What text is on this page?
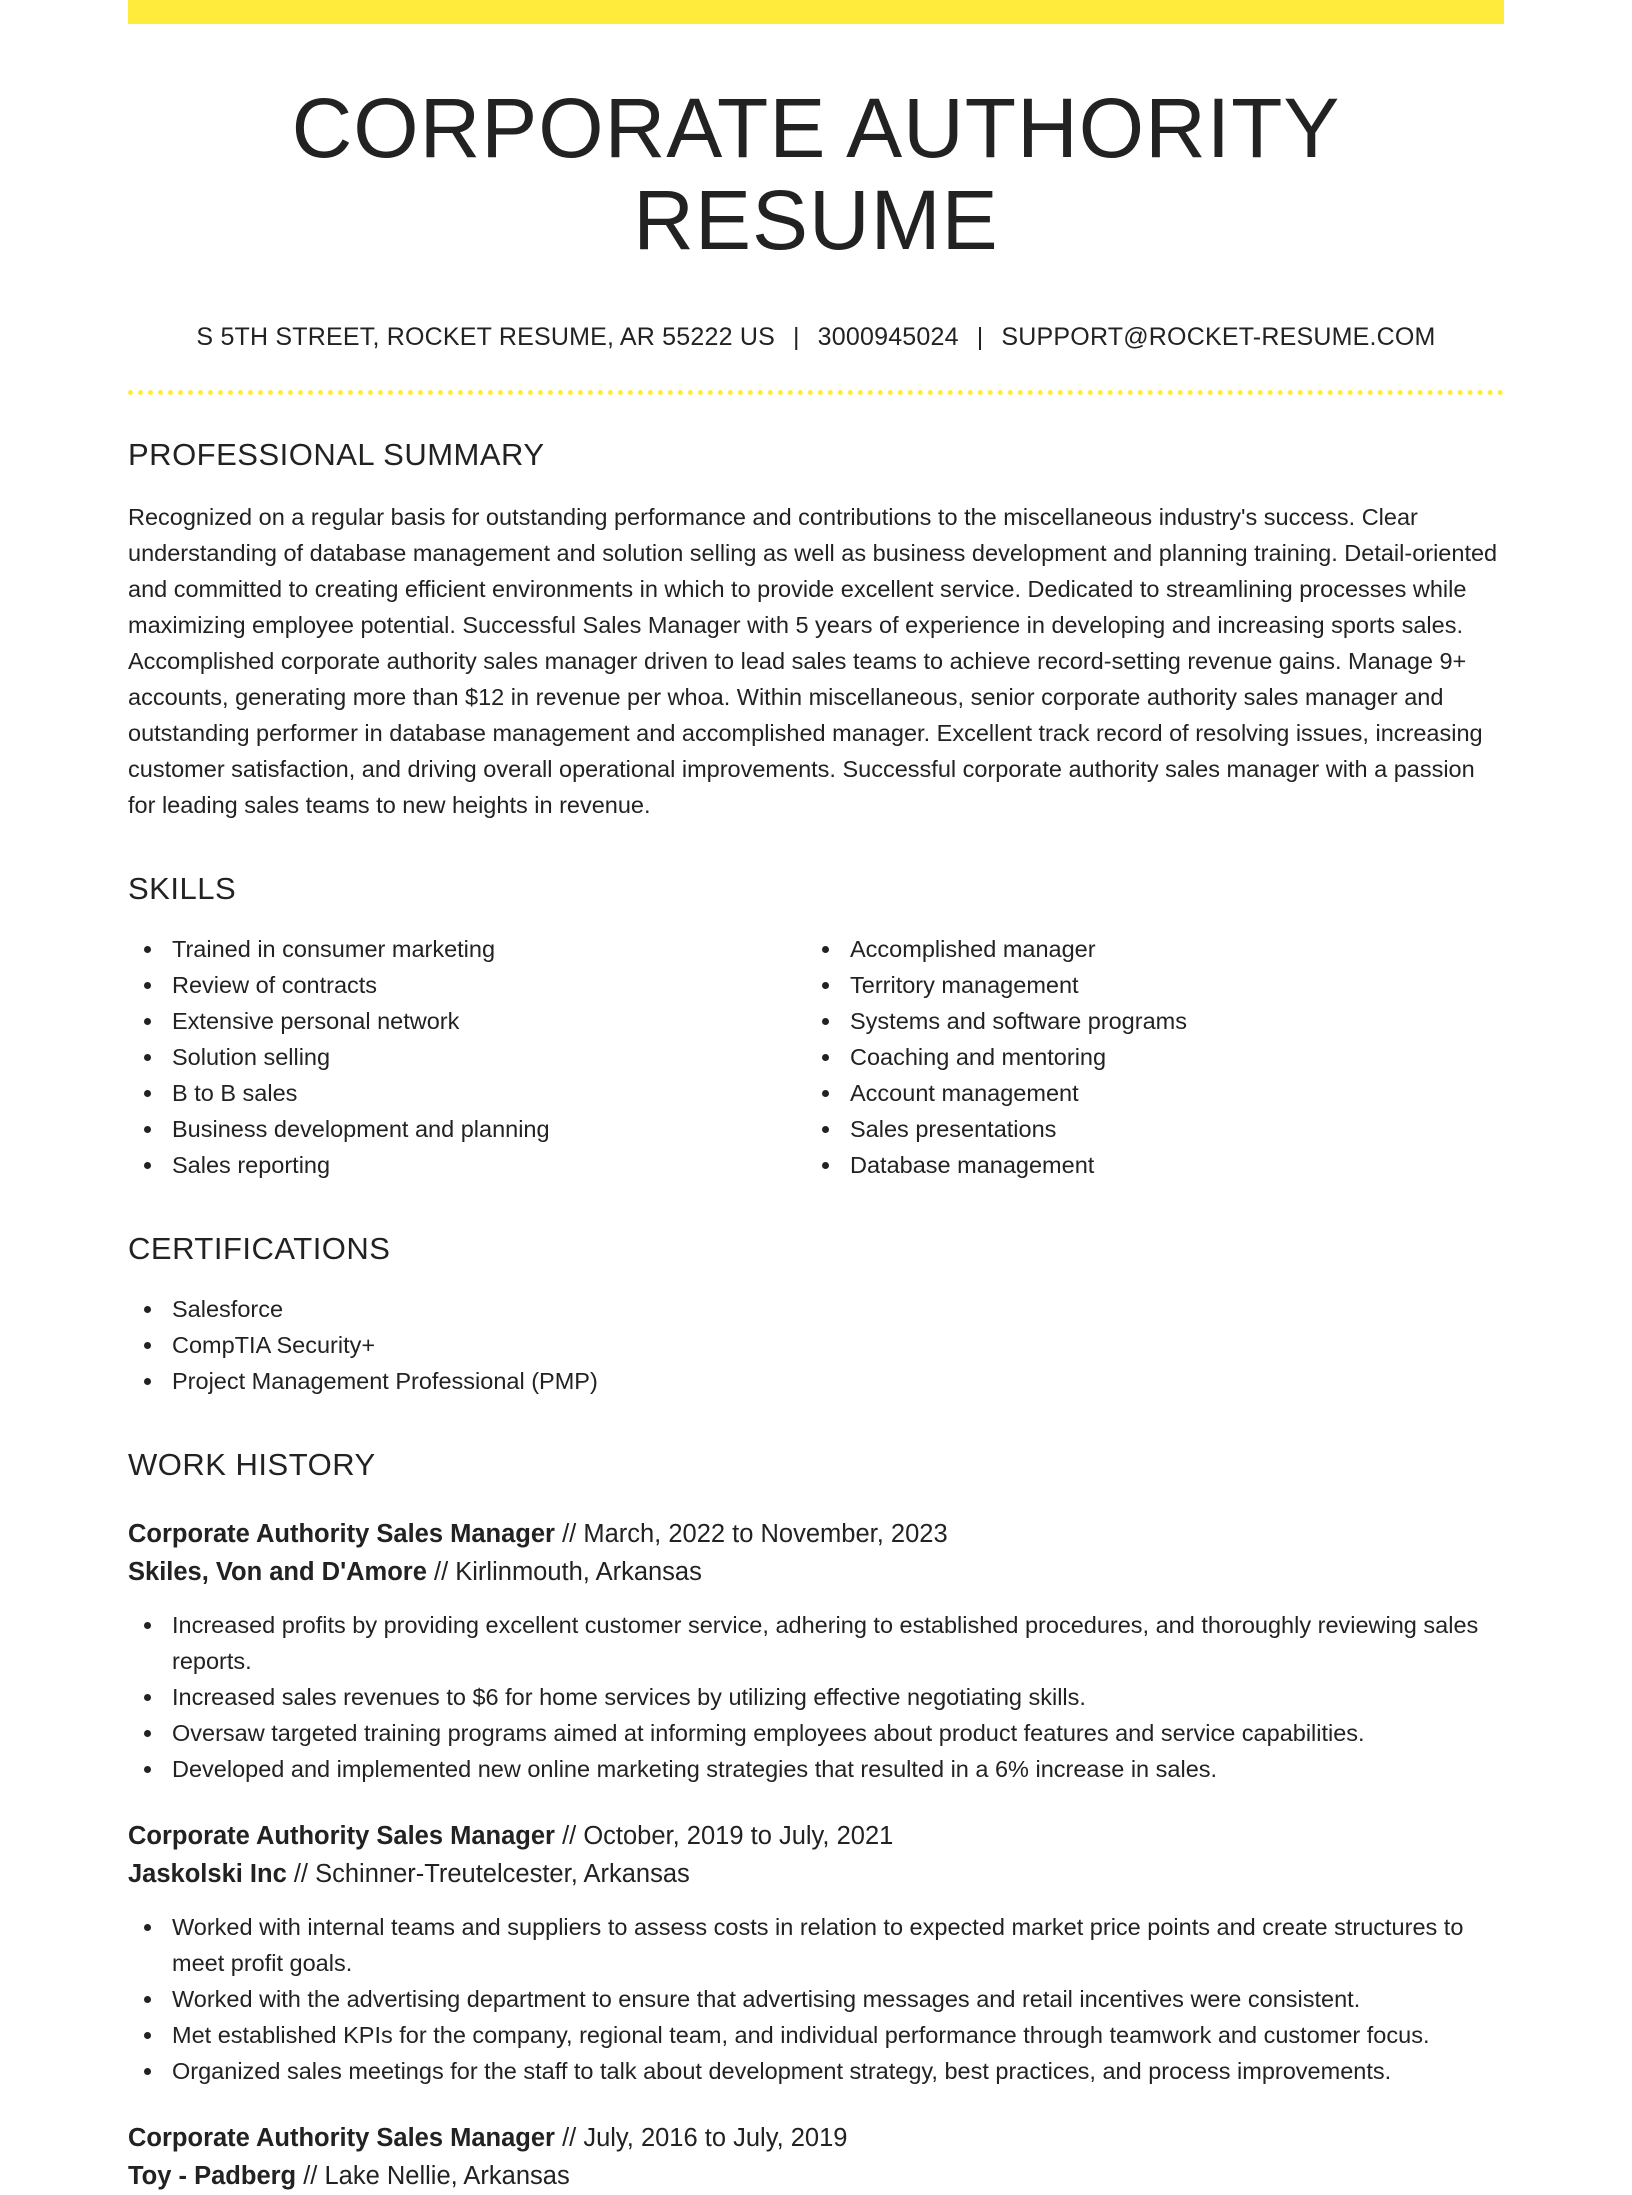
CORPORATE AUTHORITY RESUME
S 5TH STREET, ROCKET RESUME, AR 55222 US | 3000945024 | SUPPORT@ROCKET-RESUME.COM
PROFESSIONAL SUMMARY

Recognized on a regular basis for outstanding performance and contributions to the miscellaneous industry's success. Clear understanding of database management and solution selling as well as business development and planning training. Detail-oriented and committed to creating efficient environments in which to provide excellent service. Dedicated to streamlining processes while maximizing employee potential. Successful Sales Manager with 5 years of experience in developing and increasing sports sales. Accomplished corporate authority sales manager driven to lead sales teams to achieve record-setting revenue gains. Manage 9+ accounts, generating more than $12 in revenue per whoa. Within miscellaneous, senior corporate authority sales manager and outstanding performer in database management and accomplished manager. Excellent track record of resolving issues, increasing customer satisfaction, and driving overall operational improvements. Successful corporate authority sales manager with a passion for leading sales teams to new heights in revenue.

SKILLS
Trained in consumer marketing
Review of contracts
Extensive personal network
Solution selling
B to B sales
Business development and planning
Sales reporting
Accomplished manager
Territory management
Systems and software programs
Coaching and mentoring
Account management
Sales presentations
Database management
CERTIFICATIONS
Salesforce
CompTIA Security+
Project Management Professional (PMP)
WORK HISTORY
Corporate Authority Sales Manager // March, 2022 to November, 2023
Skiles, Von and D'Amore // Kirlinmouth, Arkansas
Increased profits by providing excellent customer service, adhering to established procedures, and thoroughly reviewing sales reports.
Increased sales revenues to $6 for home services by utilizing effective negotiating skills.
Oversaw targeted training programs aimed at informing employees about product features and service capabilities.
Developed and implemented new online marketing strategies that resulted in a 6% increase in sales.
Corporate Authority Sales Manager // October, 2019 to July, 2021
Jaskolski Inc // Schinner-Treutelcester, Arkansas
Worked with internal teams and suppliers to assess costs in relation to expected market price points and create structures to meet profit goals.
Worked with the advertising department to ensure that advertising messages and retail incentives were consistent.
Met established KPIs for the company, regional team, and individual performance through teamwork and customer focus.
Organized sales meetings for the staff to talk about development strategy, best practices, and process improvements.
Corporate Authority Sales Manager // July, 2016 to July, 2019
Toy - Padberg // Lake Nellie, Arkansas
